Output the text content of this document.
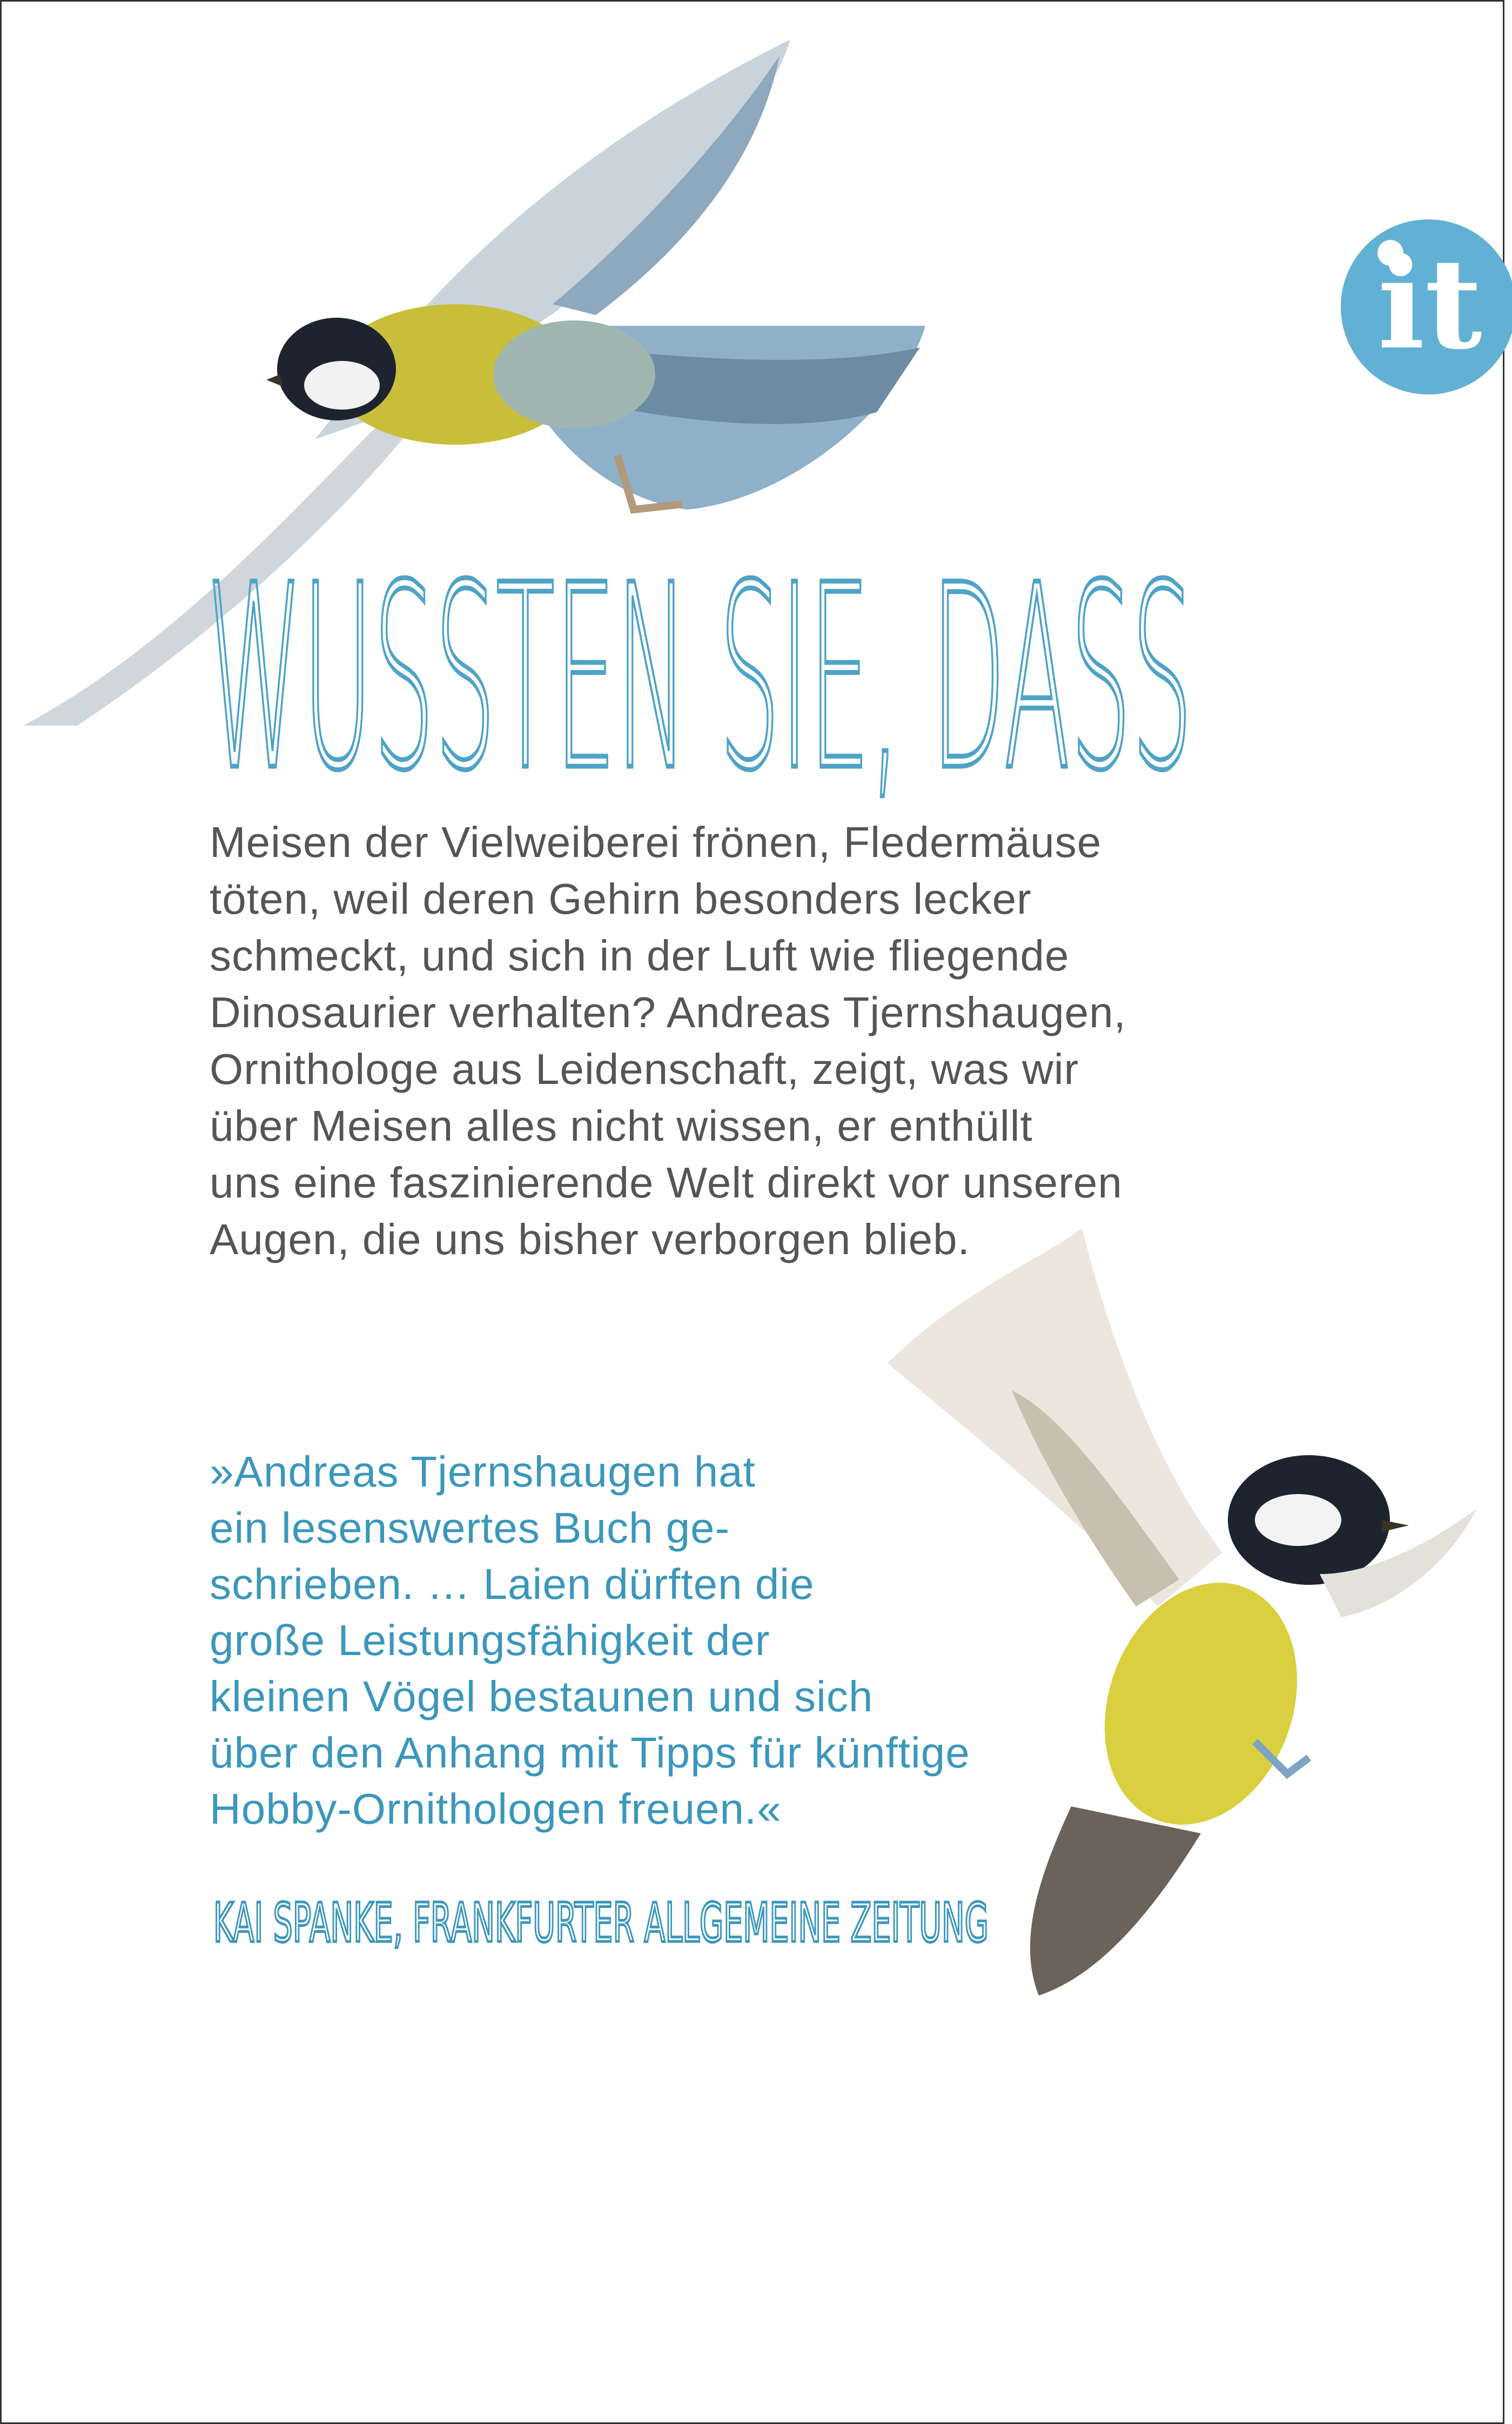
it
WUSSTEN SIE, DASS
Meisen der Vielweiberei frönen, Fledermäuse
töten, weil deren Gehirn besonders lecker
schmeckt, und sich in der Luft wie fliegende
Dinosaurier verhalten? Andreas Tjernshaugen,
Ornithologe aus Leidenschaft, zeigt, was wir
über Meisen alles nicht wissen, er enthüllt
uns eine faszinierende Welt direkt vor unseren
Augen, die uns bisher verborgen blieb.
»Andreas Tjernshaugen hat
ein lesenswertes Buch ge-
schrieben. … Laien dürften die
große Leistungsfähigkeit der
kleinen Vögel bestaunen und sich
über den Anhang mit Tipps für künftige
Hobby-Ornithologen freuen.«
KAI SPANKE, FRANKFURTER ALLGEMEINE ZEITUNG
